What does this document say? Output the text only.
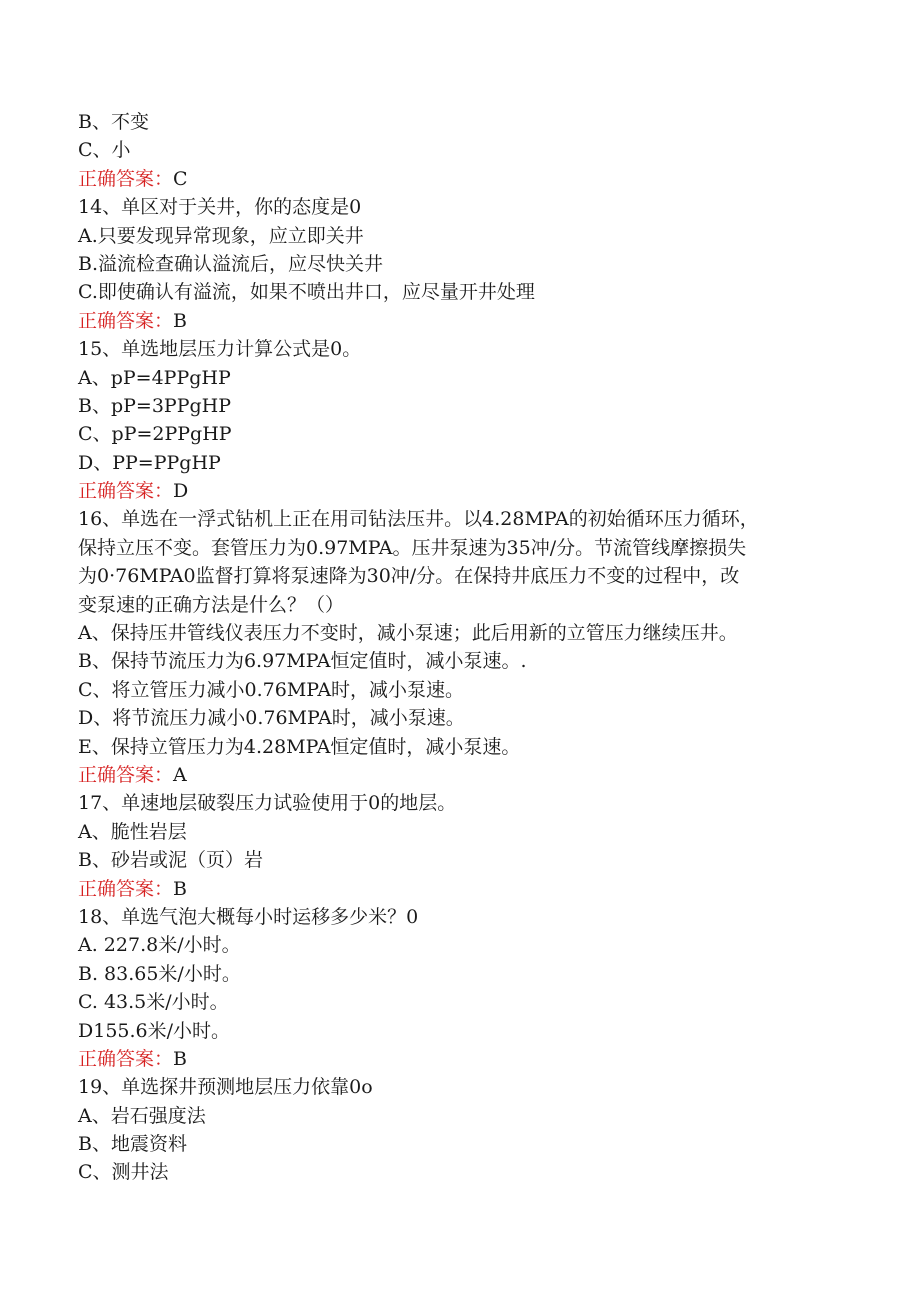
B、不变
C、小
正确答案：C
14、单区对于关井，你的态度是0
A.只要发现异常现象，应立即关井
B.溢流检查确认溢流后，应尽快关井
C.即使确认有溢流，如果不喷出井口，应尽量开井处理
正确答案：B
15、单选地层压力计算公式是0。
A、pP=4PPgHP
B、pP=3PPgHP
C、pP=2PPgHP
D、PP=PPgHP
正确答案：D
16、单选在一浮式钻机上正在用司钻法压井。以4.28MPA的初始循环压力循环，
保持立压不变。套管压力为0.97MPA。压井泵速为35冲/分。节流管线摩擦损失
为0·76MPA0监督打算将泵速降为30冲/分。在保持井底压力不变的过程中，改
变泵速的正确方法是什么？（）
A、保持压井管线仪表压力不变时，减小泵速；此后用新的立管压力继续压井。
B、保持节流压力为6.97MPA恒定值时，减小泵速。.
C、将立管压力减小0.76MPA时，减小泵速。
D、将节流压力减小0.76MPA时，减小泵速。
E、保持立管压力为4.28MPA恒定值时，减小泵速。
正确答案：A
17、单速地层破裂压力试验使用于0的地层。
A、脆性岩层
B、砂岩或泥（页）岩
正确答案：B
18、单选气泡大概每小时运移多少米？0
A. 227.8米/小时。
B. 83.65米/小时。
C. 43.5米/小时。
D155.6米/小时。
正确答案：B
19、单选探井预测地层压力依靠0o
A、岩石强度法
B、地震资料
C、测井法
